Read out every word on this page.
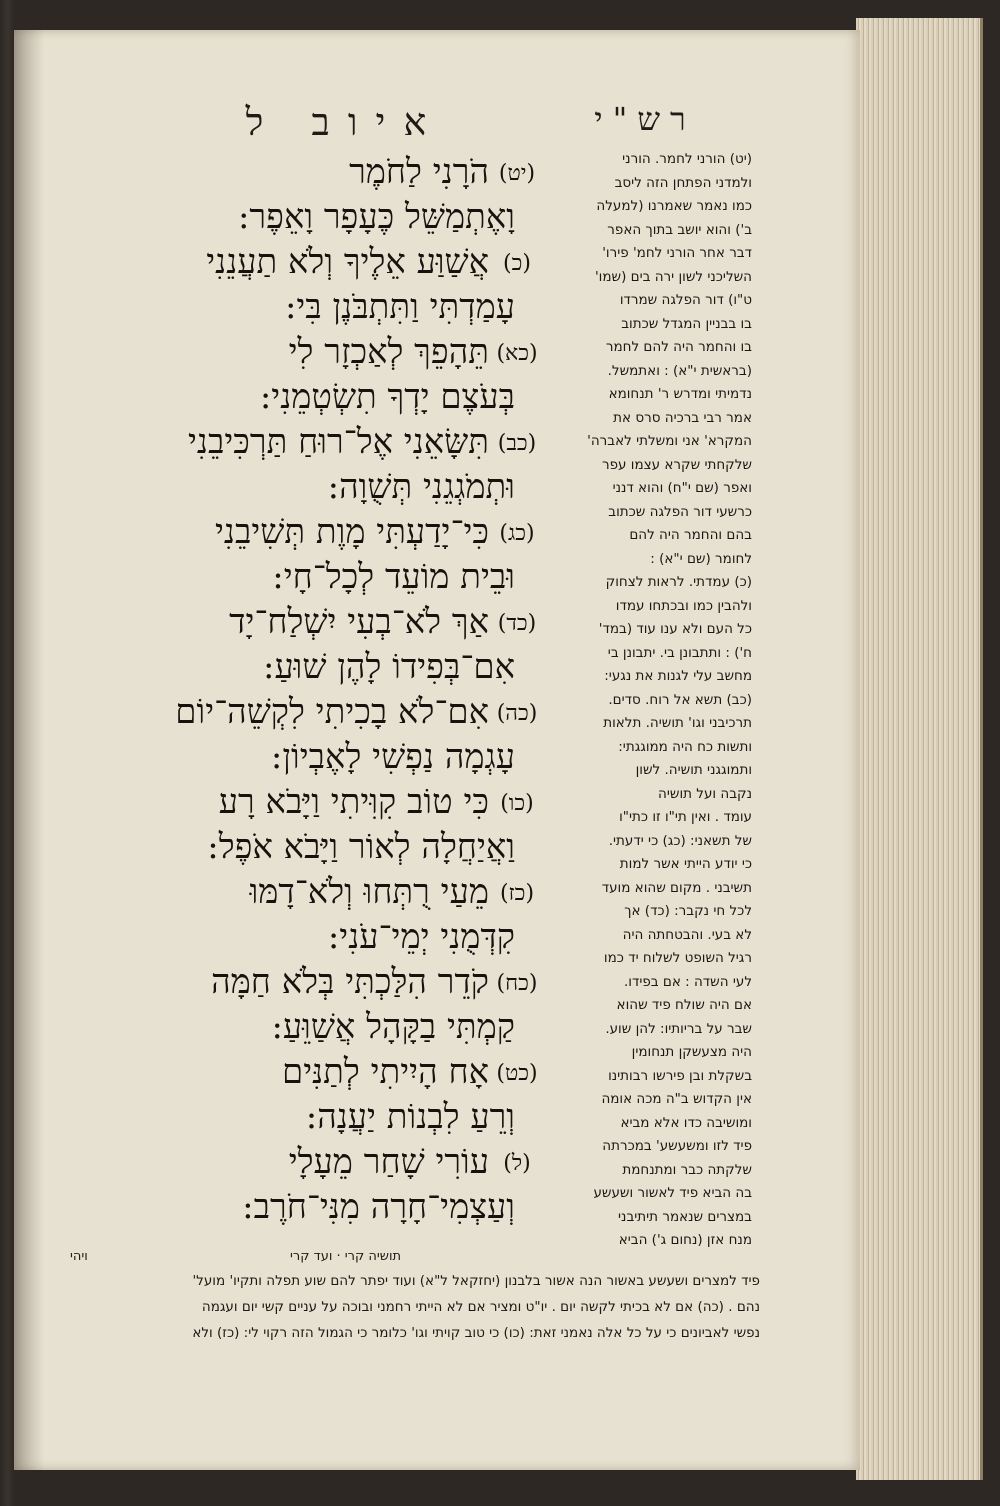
איוב ל	רש"י
(יט)הֹרָנִי לַחֹמֶר
וָאֶתְמַשֵּׁל כֶּעָפָר וָאֵפֶר:
(כ)אֲשַׁוַּע אֵלֶיךָ וְלֹא תַעֲנֵנִי
עָמַדְתִּי וַתִּתְבֹּנֶן בִּי:
(כא)תֵּהָפֵךְ לְאַכְזָר לִי
בְּעֹצֶם יָדְךָ תִשְׂטְמֵנִי:
(כב)תִּשָּׂאֵנִי אֶל־רוּחַ תַּרְכִּיבֵנִי
וּתְמֹגְגֵנִי תְּשֻׁוָה:
(כג)כִּי־יָדַעְתִּי מָוֶת תְּשִׁיבֵנִי
וּבֵית מוֹעֵד לְכָל־חָי:
(כד)אַךְ לֹא־בְעִי יִשְׁלַח־יָד
אִם־בְּפִידוֹ לָהֶן שׁוּעַ:
(כה)אִם־לֹא בָכִיתִי לִקְשֵׁה־יוֹם
עָגְמָה נַפְשִׁי לָאֶבְיוֹן:
(כו)כִּי טוֹב קִוִּיתִי וַיָּבֹא רָע
וַאֲיַחֲלָה לְאוֹר וַיָּבֹא אֹפֶל:
(כז)מֵעַי רֻתְּחוּ וְלֹא־דָמּוּ
קִדְּמֻנִי יְמֵי־עֹנִי:
(כח)קֹדֵר הִלַּכְתִּי בְּלֹא חַמָּה
קַמְתִּי בַקָּהָל אֲשַׁוֵּעַ:
(כט)אָח הָיִיתִי לְתַנִּים
וְרֵעַ לִבְנוֹת יַעֲנָה:
(ל)עוֹרִי שָׁחַר מֵעָלָי
וְעַצְמִי־חָרָה מִנִּי־חֹרֶב:
(יט) הורני לחמר. הורני
ולמדני הפתחן הזה ליסב
כמו נאמר שאמרנו (למעלה
ב') והוא יושב בתוך האפר
דבר אחר הורני לחמ' פירו'
השליכני לשון ירה בים (שמו'
ט"ו) דור הפלגה שמרדו
בו בבניין המגדל שכתוב
בו והחמר היה להם לחמר
(בראשית י"א) : ואתמשל.
נדמיתי ומדרש ר' תנחומא
אמר רבי ברכיה סרס את
המקרא' אני ומשלתי לאברה'
שלקחתי שקרא עצמו עפר
ואפר (שם י"ח) והוא דנני
כרשעי דור הפלגה שכתוב
בהם והחמר היה להם
לחומר (שם י"א) :
(כ) עמדתי. לראות לצחוק
ולהבין כמו ובכתחו עמדו
כל העם ולא ענו עוד (במד'
ח') : ותתבונן בי. יתבונן בי
מחשב עלי לגנות את נגעי:
(כב) תשא אל רוח. סדים.
תרכיבני וגו' תושיה. תלאות
ותשות כח היה ממוגגתי:
ותמוגגני תושיה. לשון
נקבה ועל תושיה
עומד . ואין תי"ו זו כתי"ו
של תשאני: (כג) כי ידעתי.
כי יודע הייתי אשר למות
תשיבני . מקום שהוא מועד
לכל חי נקבר: (כד) אך
לא בעי. והבטחתה היה
רגיל השופט לשלוח יד כמו
לעי השדה : אם בפידו.
אם היה שולח פיד שהוא
שבר על בריותיו: להן שוע.
היה מצעשקן תנחומין
בשקלת ובן פירשו רבותינו
אין הקדוש ב"ה מכה אומה
ומושיבה כדו אלא מביא
פיד לזו ומשעשע' במכרתה
שלקתה כבר ומתנחמת
בה הביא פיד לאשור ושעשע
במצרים שנאמר תיתיבני
מנח אזן (נחום ג') הביא
ויהי	תושיה קרי · ועד קרי
פיד למצרים ושעשע באשור הנה אשור בלבנון (יחזקאל ל"א) ועוד יפתר להם שוע תפלה ותקיו' מועל'
נהם . (כה) אם לא בכיתי לקשה יום . יו"ט ומציר אם לא הייתי רחמני ובוכה על עניים קשי יום ועגמה
נפשי לאביונים כי על כל אלה נאמני זאת: (כו) כי טוב קויתי וגו' כלומר כי הגמול הזה רקוי לי: (כז) ולא
